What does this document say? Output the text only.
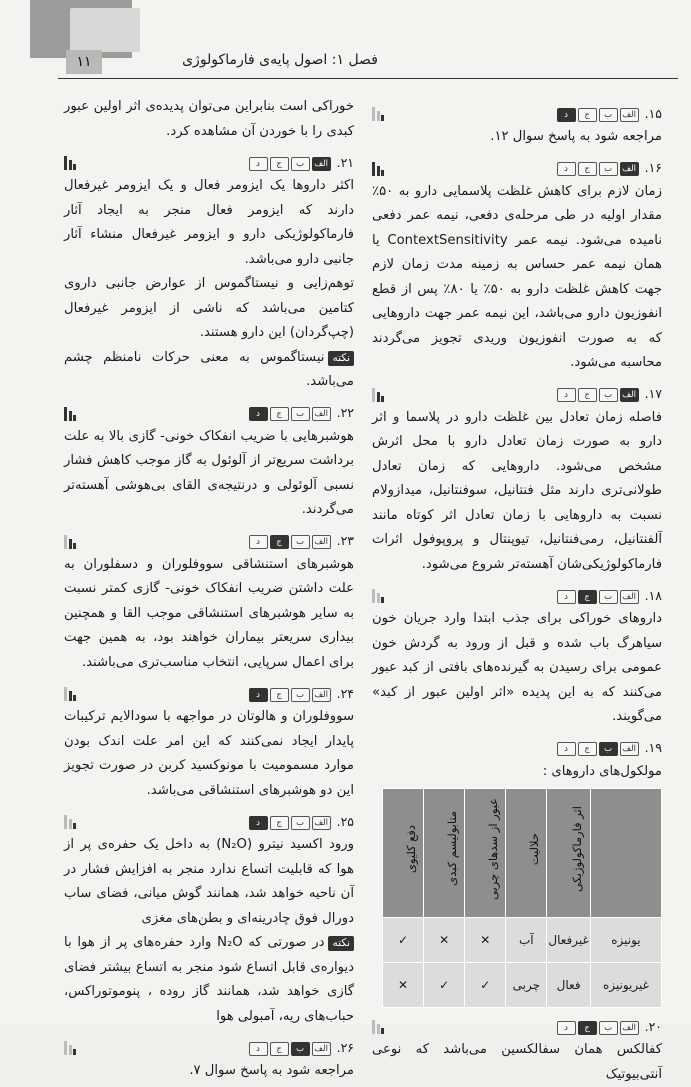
۱۱	فصل ۱: اصول پایه‌ی فارماکولوژی
۱۵.
الفبجد

مراجعه شود به پاسخ سوال ۱۲.

۱۶.
الفبجد

زمان لازم برای کاهش غلظت پلاسمایی دارو به ۵۰٪ مقدار اولیه در طی مرحله‌ی دفعی، نیمه عمر دفعی نامیده می‌شود. نیمه عمر ContextSensitivity یا همان نیمه عمر حساس به زمینه مدت زمان لازم جهت کاهش غلظت دارو به ۵۰٪ یا ۸۰٪ پس از قطع انفوزیون دارو می‌باشد، این نیمه عمر جهت داروهایی که به صورت انفوزیون وریدی تجویز می‌گردند محاسبه می‌شود.

۱۷.
الفبجد

فاصله زمان تعادل بین غلظت دارو در پلاسما و اثر دارو به صورت زمان تعادل دارو با محل اثرش مشخص می‌شود. داروهایی که زمان تعادل طولانی‌تری دارند مثل فنتانیل، سوفنتانیل، میدازولام نسبت به داروهایی با زمان تعادل اثر کوتاه مانند آلفنتانیل، رمی‌فنتانیل، تیوپنتال و پروپوفول اثرات فارماکولوژیکی‌شان آهسته‌تر شروع می‌شود.

۱۸.
الفبجد

داروهای خوراکی برای جذب ابتدا وارد جریان خون سیاهرگ باب شده و قبل از ورود به گردش خون عمومی برای رسیدن به گیرنده‌های بافتی از کبد عبور می‌کنند که به این پدیده «اثر اولین عبور از کبد» می‌گویند.

۱۹.
الفبجد

مولکول‌های داروهای :

	اثر فارماکولوژیکی	حلالیت	عبور از سدهای چربی	متابولیسم کبدی	دفع کلیوی
یونیزه	غیرفعال	آب	✕	✕	✓
غیریونیزه	فعال	چربی	✓	✓	✕
۲۰.
الفبجد

کفالکس همان سفالکسین می‌باشد که نوعی آنتی‌بیوتیک

خوراکی است بنابراین می‌توان پدیده‌ی اثر اولین عبور کبدی را با خوردن آن مشاهده کرد.

۲۱.
الفبجد

اکثر داروها یک ایزومر فعال و یک ایزومر غیرفعال دارند که ایزومر فعال منجر به ایجاد آثار فارماکولوژیکی دارو و ایزومر غیرفعال منشاء آثار جانبی دارو می‌باشد.

توهم‌زایی و نیستاگموس از عوارض جانبی داروی کتامین می‌باشد که ناشی از ایزومر غیرفعال (چپ‌گردان) این دارو هستند.

نکتهنیستاگموس به معنی حرکات نامنظم چشم می‌باشد.

۲۲.
الفبجد

هوشبرهایی با ضریب انفکاک خونی- گازی بالا به علت برداشت سریع‌تر از آلوئول به گاز موجب کاهش فشار نسبی آلوئولی و درنتیجه‌ی القای بی‌هوشی آهسته‌تر می‌گردند.

۲۳.
الفبجد

هوشبرهای استنشاقی سووفلوران و دسفلوران به علت داشتن ضریب انفکاک خونی- گازی کمتر نسبت به سایر هوشبرهای استنشاقی موجب القا و همچنین بیداری سریعتر بیماران خواهند بود، به همین جهت برای اعمال سرپایی، انتخاب مناسب‌تری می‌باشند.

۲۴.
الفبجد

سووفلوران و هالوتان در مواجهه با سودالایم ترکیبات پایدار ایجاد نمی‌کنند که این امر علت اندک بودن موارد مسمومیت با مونوکسید کربن در صورت تجویز این دو هوشبرهای استنشاقی می‌باشد.

۲۵.
الفبجد

ورود اکسید نیترو (N₂O) به داخل یک حفره‌ی پر از هوا که قابلیت اتساع ندارد منجر به افزایش فشار در آن ناحیه خواهد شد، همانند گوش میانی، فضای ساب دورال فوق چادرینه‌ای و بطن‌های مغزی

نکتهدر صورتی که N₂O وارد حفره‌های پر از هوا با دیواره‌ی قابل اتساع شود منجر به اتساع بیشتر فضای گازی خواهد شد، همانند گاز روده ، پنوموتوراکس، حباب‌های ریه، آمبولی هوا

۲۶.
الفبجد

مراجعه شود به پاسخ سوال ۷.
